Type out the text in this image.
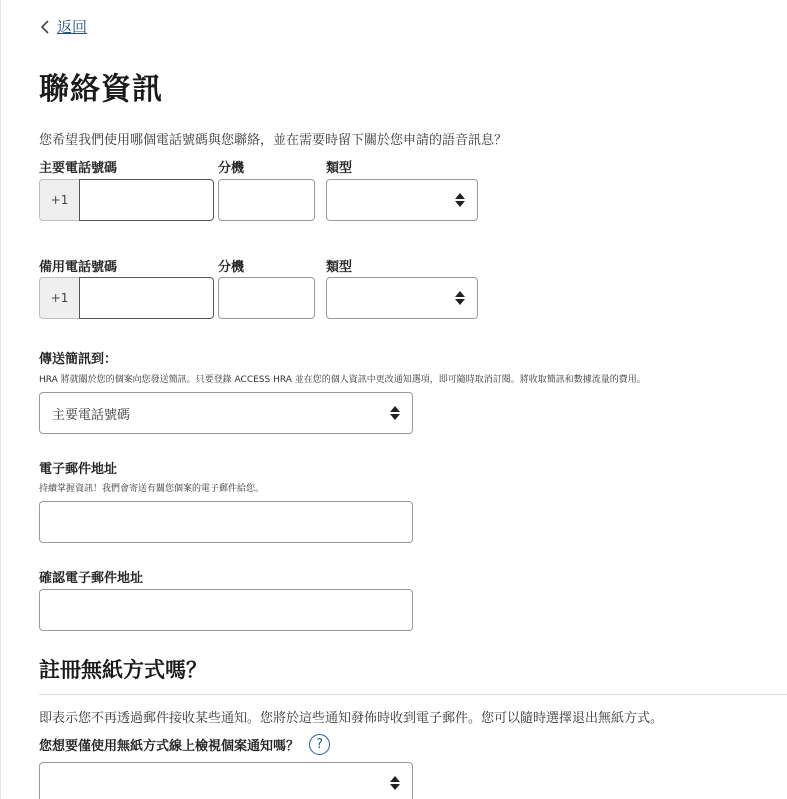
返回
聯絡資訊
您希望我們使用哪個電話號碼與您聯絡，並在需要時留下關於您申請的語音訊息？
主要電話號碼	分機	類型
+1
備用電話號碼	分機	類型
+1
傳送簡訊到：
HRA 將就關於您的個案向您發送簡訊。只要登錄 ACCESS HRA 並在您的個人資訊中更改通知選項，即可隨時取消訂閱。將收取簡訊和數據流量的費用。
主要電話號碼
電子郵件地址
持續掌握資訊！我們會寄送有關您個案的電子郵件給您。
確認電子郵件地址
註冊無紙方式嗎？
即表示您不再透過郵件接收某些通知。您將於這些通知發佈時收到電子郵件。您可以隨時選擇退出無紙方式。
您想要僅使用無紙方式線上檢視個案通知嗎？	?
